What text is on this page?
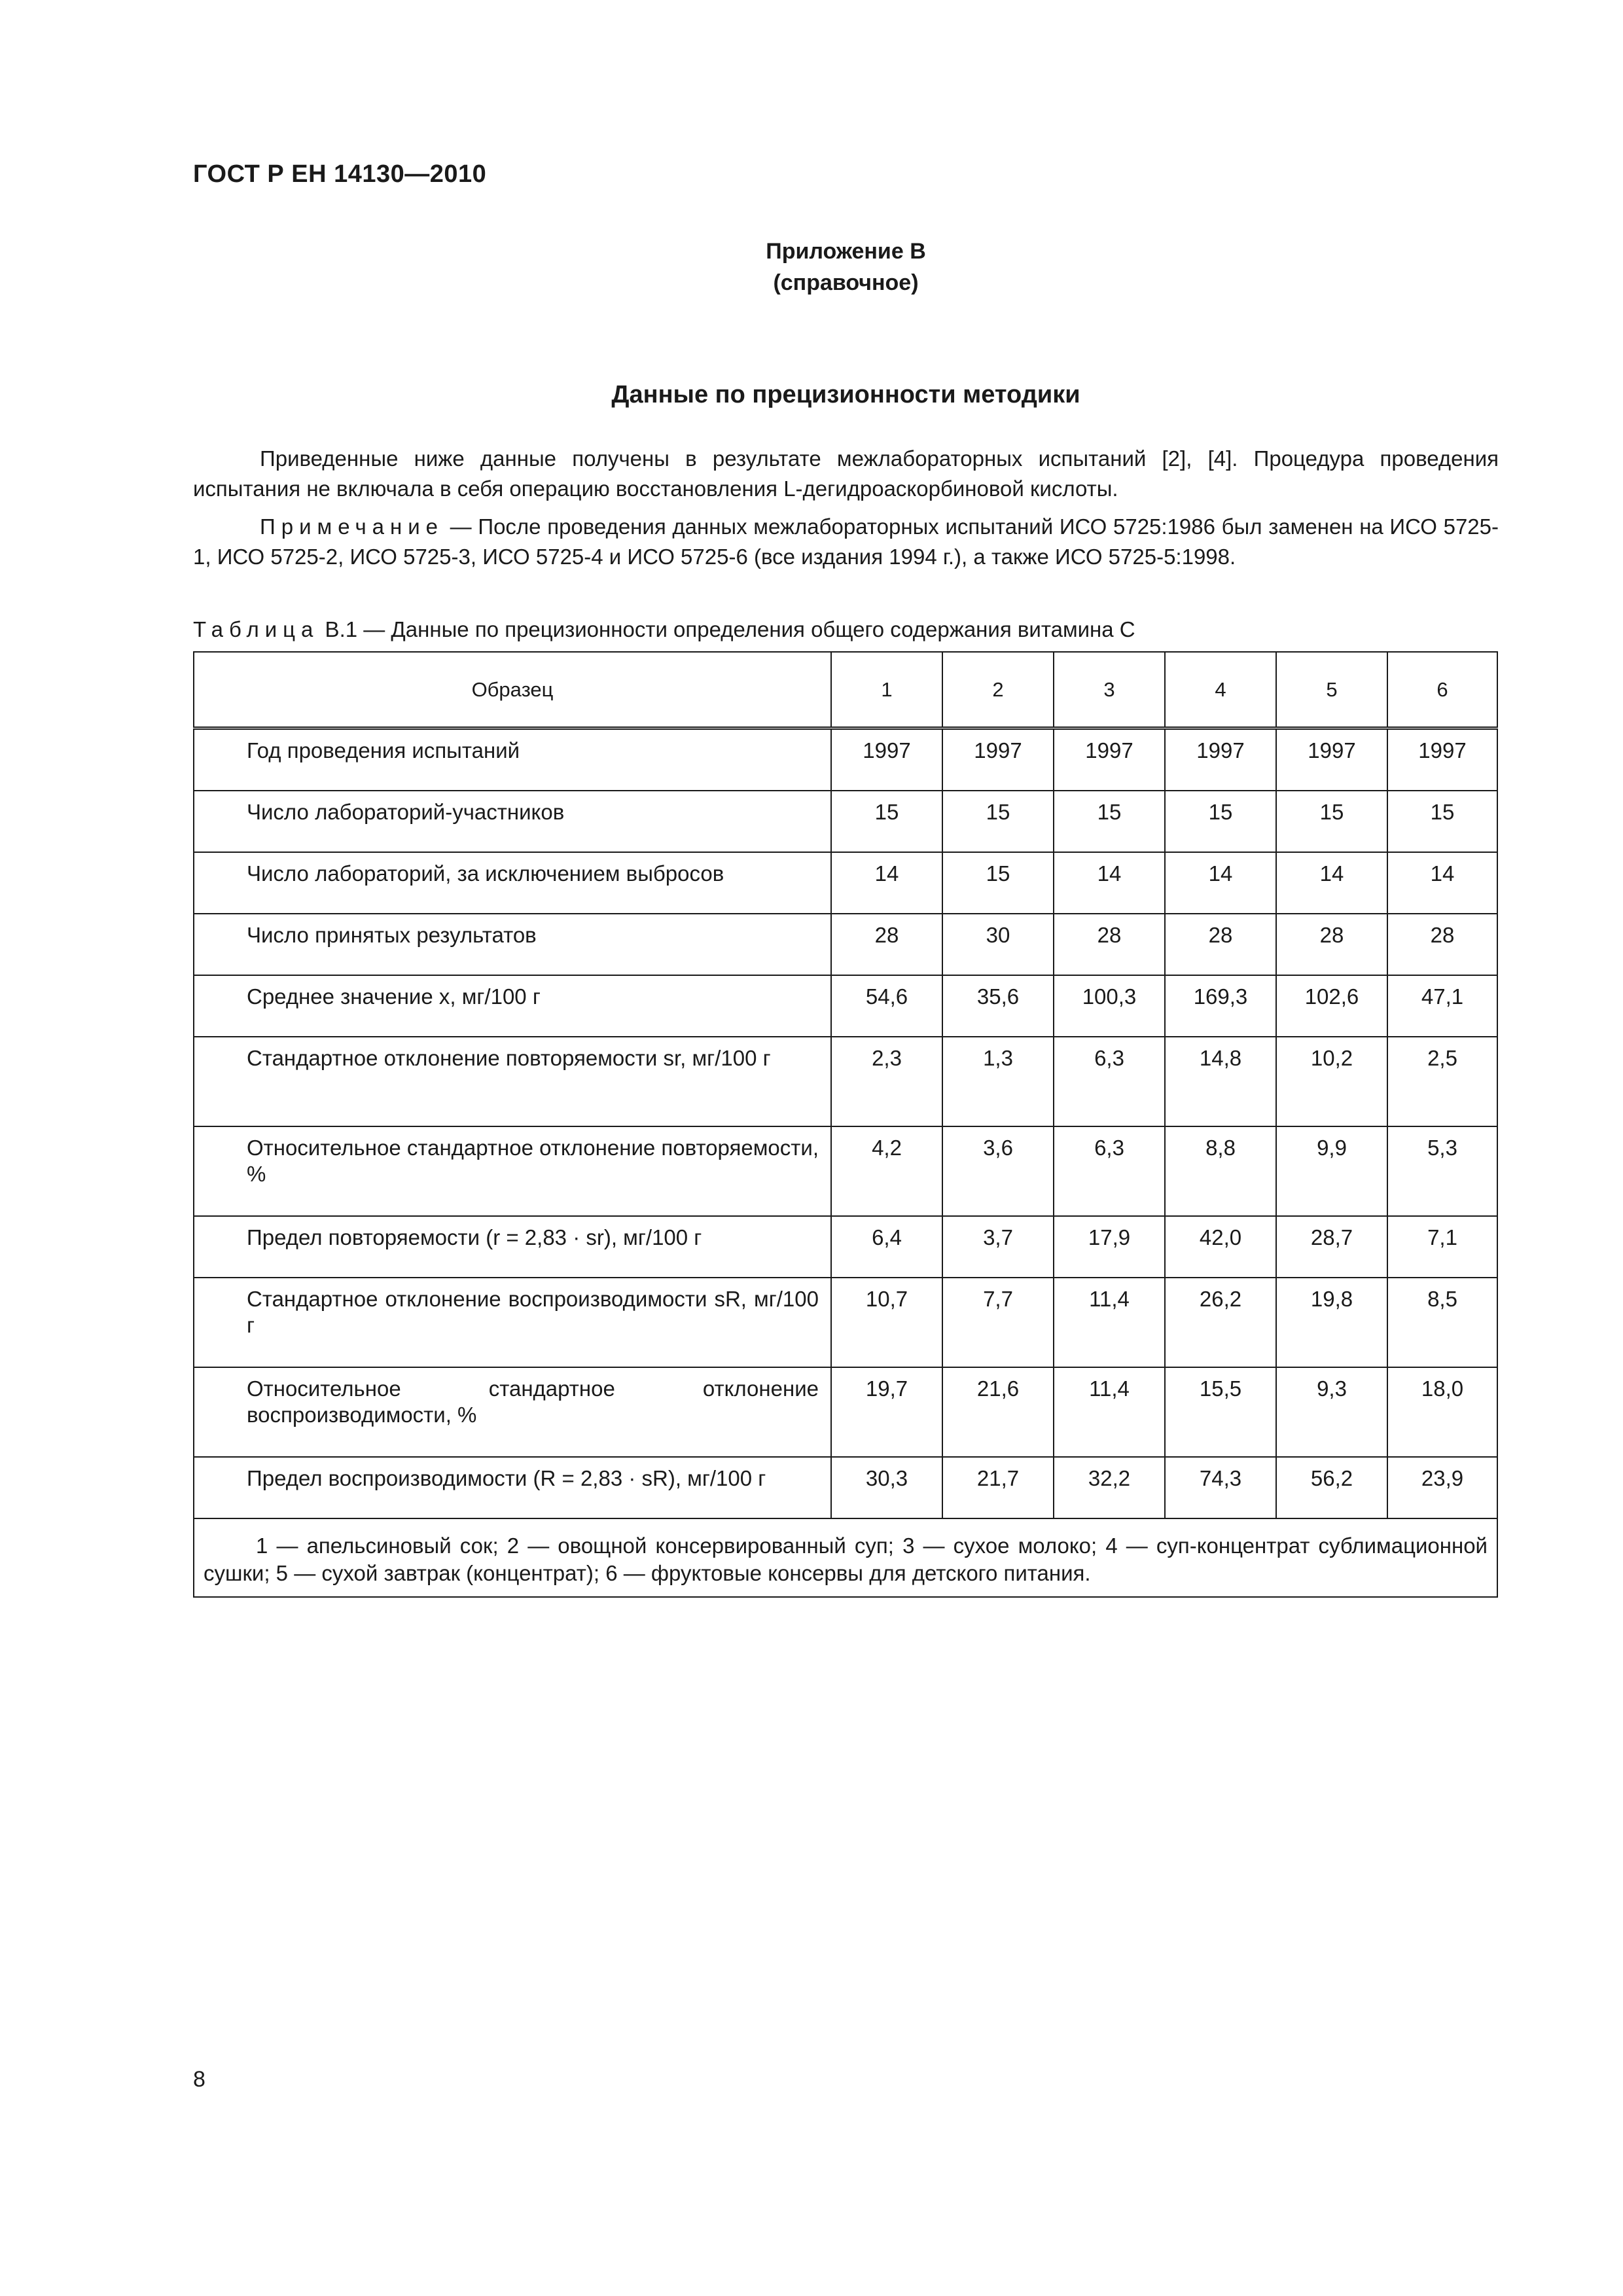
ГОСТ Р ЕН 14130—2010
Приложение В
(справочное)
Данные по прецизионности методики

Приведенные ниже данные получены в результате межлабораторных испытаний [2], [4]. Процедура проведения испытания не включала в себя операцию восстановления L-дегидроаскорбиновой кислоты.

Примечание — После проведения данных межлабораторных испытаний ИСО 5725:1986 был заменен на ИСО 5725-1, ИСО 5725-2, ИСО 5725-3, ИСО 5725-4 и ИСО 5725-6 (все издания 1994 г.), а также ИСО 5725-5:1998.

Таблица В.1 — Данные по прецизионности определения общего содержания витамина С
Образец	1	2	3	4	5	6
Год проведения испытаний	1997	1997	1997	1997	1997	1997
Число лабораторий-участников	15	15	15	15	15	15
Число лабораторий, за исключением выбросов	14	15	14	14	14	14
Число принятых результатов	28	30	28	28	28	28
Среднее значение x, мг/100 г	54,6	35,6	100,3	169,3	102,6	47,1
Стандартное отклонение повторяемости sr, мг/100 г	2,3	1,3	6,3	14,8	10,2	2,5
Относительное стандартное отклонение повторяемости, %	4,2	3,6	6,3	8,8	9,9	5,3
Предел повторяемости (r = 2,83 · sr), мг/100 г	6,4	3,7	17,9	42,0	28,7	7,1
Стандартное отклонение воспроизводимости sR, мг/100 г	10,7	7,7	11,4	26,2	19,8	8,5
Относительное стандартное отклонение воспроизводимости, %	19,7	21,6	11,4	15,5	9,3	18,0
Предел воспроизводимости (R = 2,83 · sR), мг/100 г	30,3	21,7	32,2	74,3	56,2	23,9
1 — апельсиновый сок; 2 — овощной консервированный суп; 3 — сухое молоко; 4 — суп-концентрат сублимационной сушки; 5 — сухой завтрак (концентрат); 6 — фруктовые консервы для детского питания.						
8
